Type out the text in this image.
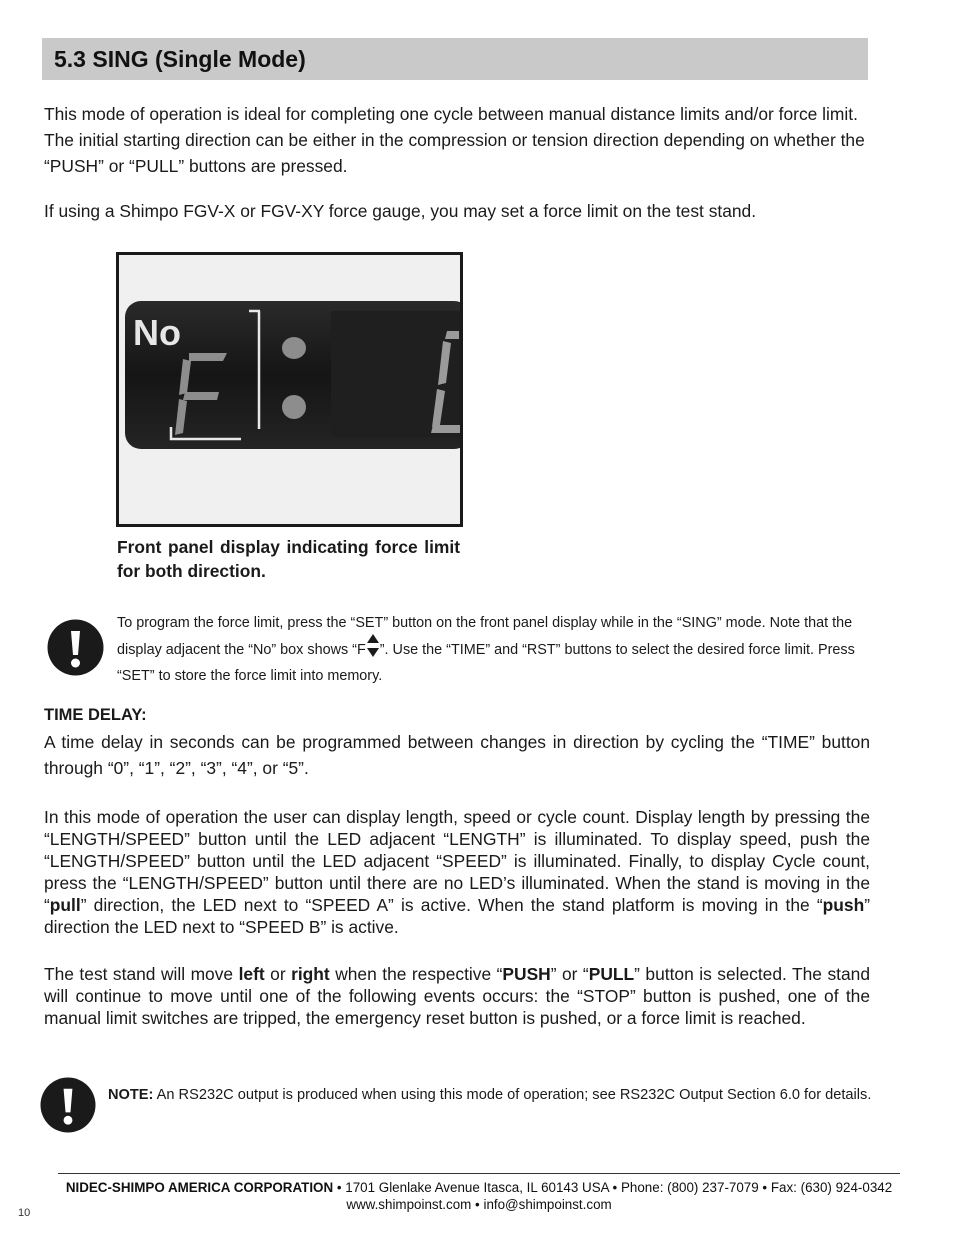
5.3 SING (Single Mode)

This mode of operation is ideal for completing one cycle between manual distance limits and/or force limit. The initial starting direction can be either in the compression or tension direction depending on whether the “PUSH” or “PULL” buttons are pressed.

If using a Shimpo FGV-X or FGV-XY force gauge, you may set a force limit on the test stand.

No

Front panel display indicating force limit for both direction.

To program the force limit, press the “SET” button on the front panel display while in the “SING” mode. Note that the display adjacent the “No” box shows “F ”. Use the “TIME” and “RST” buttons to select the desired force limit. Press “SET” to store the force limit into memory.

TIME DELAY:

A time delay in seconds can be programmed between changes in direction by cycling the “TIME” button through “0”, “1”, “2”, “3”, “4”, or “5”.

In this mode of operation the user can display length, speed or cycle count. Display length by pressing the “LENGTH/SPEED” button until the LED adjacent “LENGTH” is illuminated. To display speed, push the “LENGTH/SPEED” button until the LED adjacent “SPEED” is illuminated. Finally, to display Cycle count, press the “LENGTH/SPEED” button until there are no LED’s illuminated. When the stand is moving in the “pull” direction, the LED next to “SPEED A” is active. When the stand platform is moving in the “push” direction the LED next to “SPEED B” is active.

The test stand will move left or right when the respective “PUSH” or “PULL” button is selected. The stand will continue to move until one of the following events occurs: the “STOP” button is pushed, one of the manual limit switches are tripped, the emergency reset button is pushed, or a force limit is reached.

NOTE: An RS232C output is produced when using this mode of operation; see RS232C Output Section 6.0 for details.

NIDEC-SHIMPO AMERICA CORPORATION • 1701 Glenlake Avenue Itasca, IL 60143 USA • Phone: (800) 237-7079 • Fax: (630) 924-0342
www.shimpoinst.com • info@shimpoinst.com
10
